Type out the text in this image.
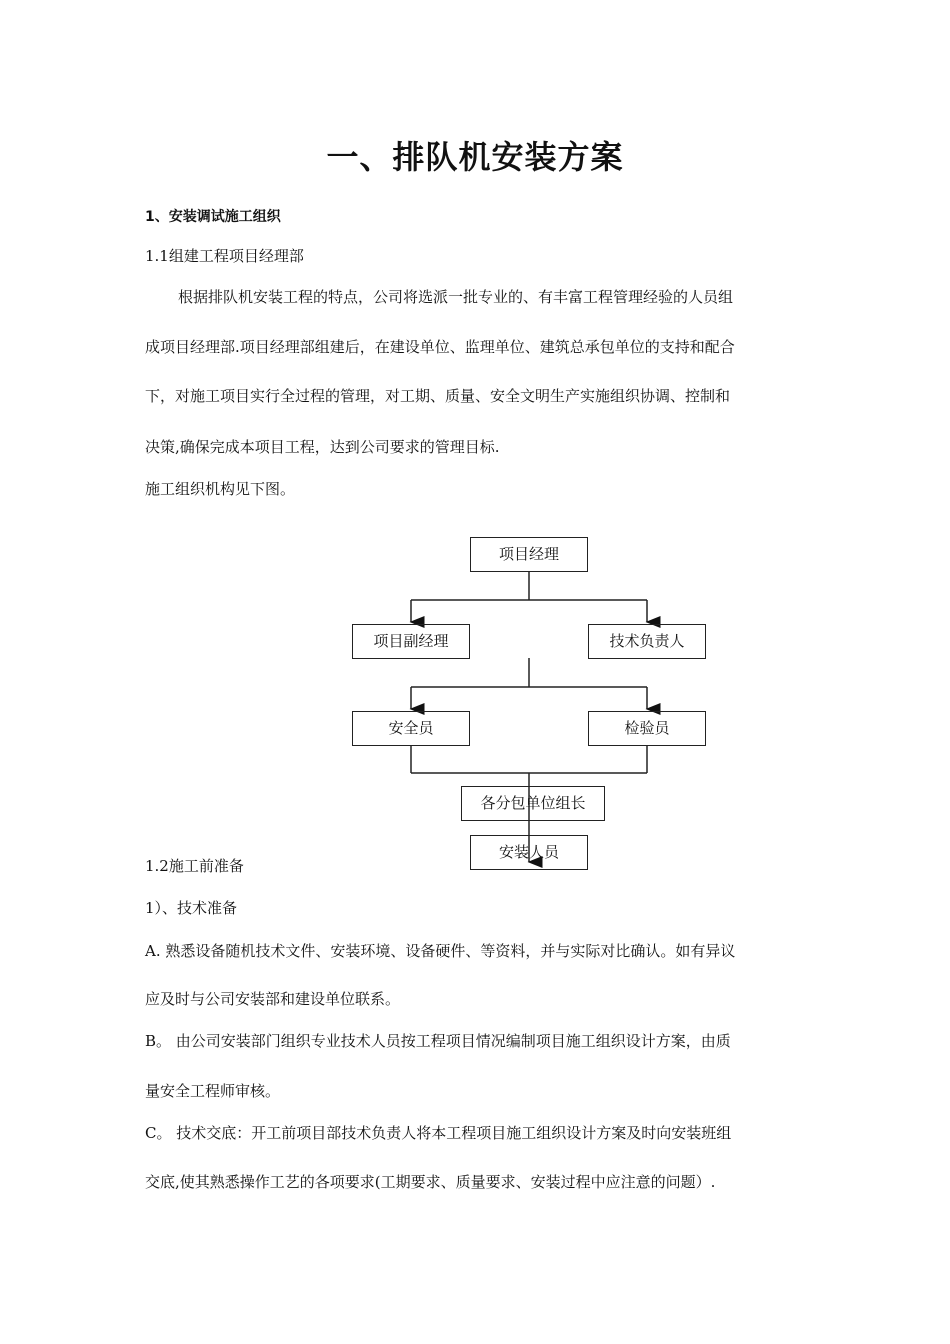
一、排队机安装方案
1、安装调试施工组织
1.1组建工程项目经理部
根据排队机安装工程的特点，公司将选派一批专业的、有丰富工程管理经验的人员组
成项目经理部.项目经理部组建后，在建设单位、监理单位、建筑总承包单位的支持和配合
下，对施工项目实行全过程的管理，对工期、质量、安全文明生产实施组织协调、控制和
决策,确保完成本项目工程，达到公司要求的管理目标.
施工组织机构见下图。
项目经理
项目副经理	技术负责人
安全员	检验员
各分包单位组长
安装人员
1.2施工前准备
1）、技术准备
A. 熟悉设备随机技术文件、安装环境、设备硬件、等资料，并与实际对比确认。如有异议
应及时与公司安装部和建设单位联系。
B。 由公司安装部门组织专业技术人员按工程项目情况编制项目施工组织设计方案，由质
量安全工程师审核。
C。 技术交底：开工前项目部技术负责人将本工程项目施工组织设计方案及时向安装班组
交底,使其熟悉操作工艺的各项要求(工期要求、质量要求、安装过程中应注意的问题）.
